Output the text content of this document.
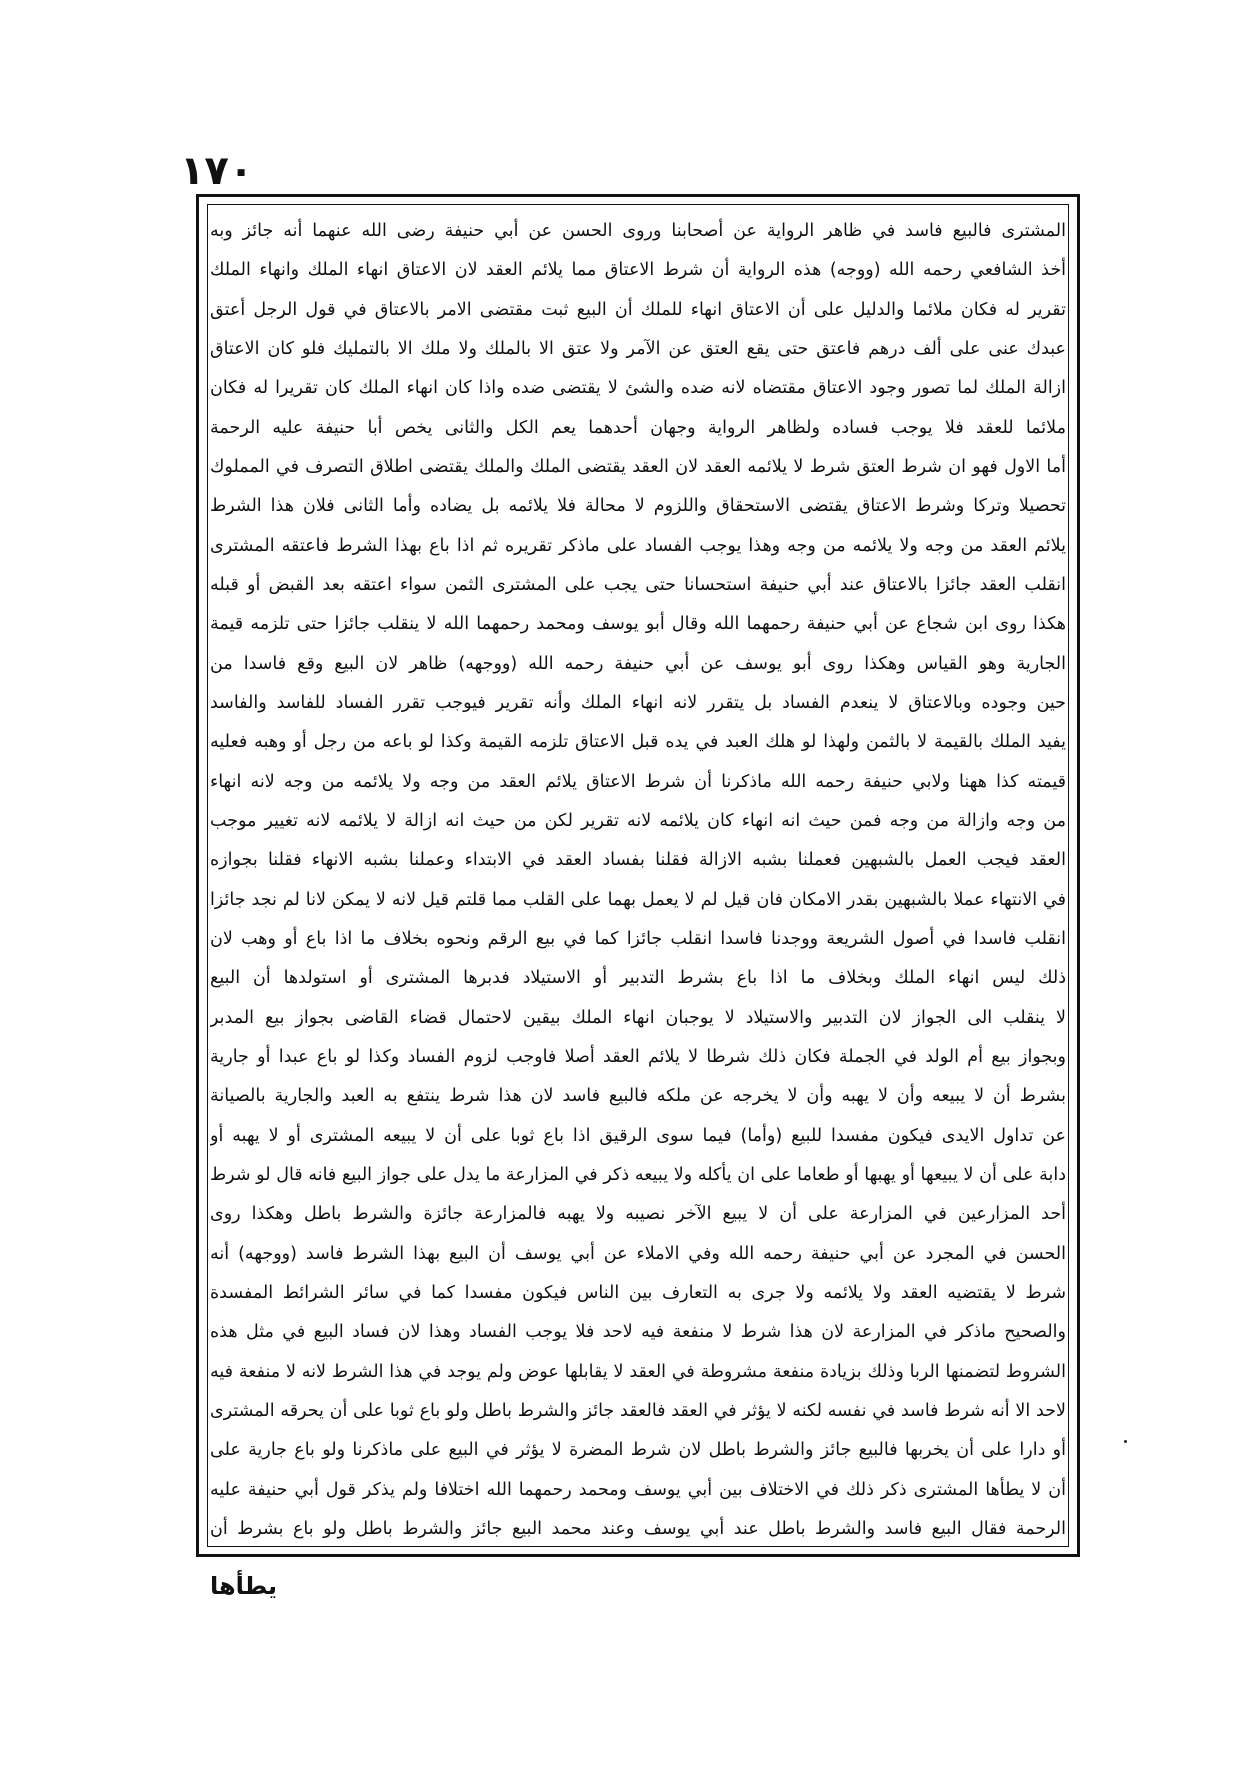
١٧٠
المشترى فالبيع فاسد في ظاهر الرواية عن أصحابنا وروى الحسن عن أبي حنيفة رضى الله عنهما أنه جائز وبه
أخذ الشافعي رحمه الله (ووجه) هذه الرواية أن شرط الاعتاق مما يلائم العقد لان الاعتاق انهاء الملك وانهاء الملك
تقرير له فكان ملائما والدليل على أن الاعتاق انهاء للملك أن البيع ثبت مقتضى الامر بالاعتاق في قول الرجل أعتق
عبدك عنى على ألف درهم فاعتق حتى يقع العتق عن الآمر ولا عتق الا بالملك ولا ملك الا بالتمليك فلو كان الاعتاق
ازالة الملك لما تصور وجود الاعتاق مقتضاه لانه ضده والشئ لا يقتضى ضده واذا كان انهاء الملك كان تقريرا له فكان
ملائما للعقد فلا يوجب فساده ولظاهر الرواية وجهان أحدهما يعم الكل والثانى يخص أبا حنيفة عليه الرحمة
أما الاول فهو ان شرط العتق شرط لا يلائمه العقد لان العقد يقتضى الملك والملك يقتضى اطلاق التصرف في المملوك
تحصيلا وتركا وشرط الاعتاق يقتضى الاستحقاق واللزوم لا محالة فلا يلائمه بل يضاده وأما الثانى فلان هذا الشرط
يلائم العقد من وجه ولا يلائمه من وجه وهذا يوجب الفساد على ماذكر تقريره ثم اذا باع بهذا الشرط فاعتقه المشترى
انقلب العقد جائزا بالاعتاق عند أبي حنيفة استحسانا حتى يجب على المشترى الثمن سواء اعتقه بعد القبض أو قبله
هكذا روى ابن شجاع عن أبي حنيفة رحمهما الله وقال أبو يوسف ومحمد رحمهما الله لا ينقلب جائزا حتى تلزمه قيمة
الجارية وهو القياس وهكذا روى أبو يوسف عن أبي حنيفة رحمه الله (ووجهه) ظاهر لان البيع وقع فاسدا من
حين وجوده وبالاعتاق لا ينعدم الفساد بل يتقرر لانه انهاء الملك وأنه تقرير فيوجب تقرر الفساد للفاسد والفاسد
يفيد الملك بالقيمة لا بالثمن ولهذا لو هلك العبد في يده قبل الاعتاق تلزمه القيمة وكذا لو باعه من رجل أو وهبه فعليه
قيمته كذا ههنا ولابي حنيفة رحمه الله ماذكرنا أن شرط الاعتاق يلائم العقد من وجه ولا يلائمه من وجه لانه انهاء
من وجه وازالة من وجه فمن حيث انه انهاء كان يلائمه لانه تقرير لكن من حيث انه ازالة لا يلائمه لانه تغيير موجب
العقد فيجب العمل بالشبهين فعملنا بشبه الازالة فقلنا بفساد العقد في الابتداء وعملنا بشبه الانهاء فقلنا بجوازه
في الانتهاء عملا بالشبهين بقدر الامكان فان قيل لم لا يعمل بهما على القلب مما قلتم قيل لانه لا يمكن لانا لم نجد جائزا
انقلب فاسدا في أصول الشريعة ووجدنا فاسدا انقلب جائزا كما في بيع الرقم ونحوه بخلاف ما اذا باع أو وهب لان
ذلك ليس انهاء الملك وبخلاف ما اذا باع بشرط التدبير أو الاستيلاد فدبرها المشترى أو استولدها أن البيع
لا ينقلب الى الجواز لان التدبير والاستيلاد لا يوجبان انهاء الملك بيقين لاحتمال قضاء القاضى بجواز بيع المدبر
وبجواز بيع أم الولد في الجملة فكان ذلك شرطا لا يلائم العقد أصلا فاوجب لزوم الفساد وكذا لو باع عبدا أو جارية
بشرط أن لا يبيعه وأن لا يهبه وأن لا يخرجه عن ملكه فالبيع فاسد لان هذا شرط ينتفع به العبد والجارية بالصيانة
عن تداول الايدى فيكون مفسدا للبيع (وأما) فيما سوى الرقيق اذا باع ثوبا على أن لا يبيعه المشترى أو لا يهبه أو
دابة على أن لا يبيعها أو يهبها أو طعاما على ان يأكله ولا يبيعه ذكر في المزارعة ما يدل على جواز البيع فانه قال لو شرط
أحد المزارعين في المزارعة على أن لا يبيع الآخر نصيبه ولا يهبه فالمزارعة جائزة والشرط باطل وهكذا روى
الحسن في المجرد عن أبي حنيفة رحمه الله وفي الاملاء عن أبي يوسف أن البيع بهذا الشرط فاسد (ووجهه) أنه
شرط لا يقتضيه العقد ولا يلائمه ولا جرى به التعارف بين الناس فيكون مفسدا كما في سائر الشرائط المفسدة
والصحيح ماذكر في المزارعة لان هذا شرط لا منفعة فيه لاحد فلا يوجب الفساد وهذا لان فساد البيع في مثل هذه
الشروط لتضمنها الربا وذلك بزيادة منفعة مشروطة في العقد لا يقابلها عوض ولم يوجد في هذا الشرط لانه لا منفعة فيه
لاحد الا أنه شرط فاسد في نفسه لكنه لا يؤثر في العقد فالعقد جائز والشرط باطل ولو باع ثوبا على أن يحرقه المشترى
أو دارا على أن يخربها فالبيع جائز والشرط باطل لان شرط المضرة لا يؤثر في البيع على ماذكرنا ولو باع جارية على
أن لا يطأها المشترى ذكر ذلك في الاختلاف بين أبي يوسف ومحمد رحمهما الله اختلافا ولم يذكر قول أبي حنيفة عليه
الرحمة فقال البيع فاسد والشرط باطل عند أبي يوسف وعند محمد البيع جائز والشرط باطل ولو باع بشرط أن
يطأها
